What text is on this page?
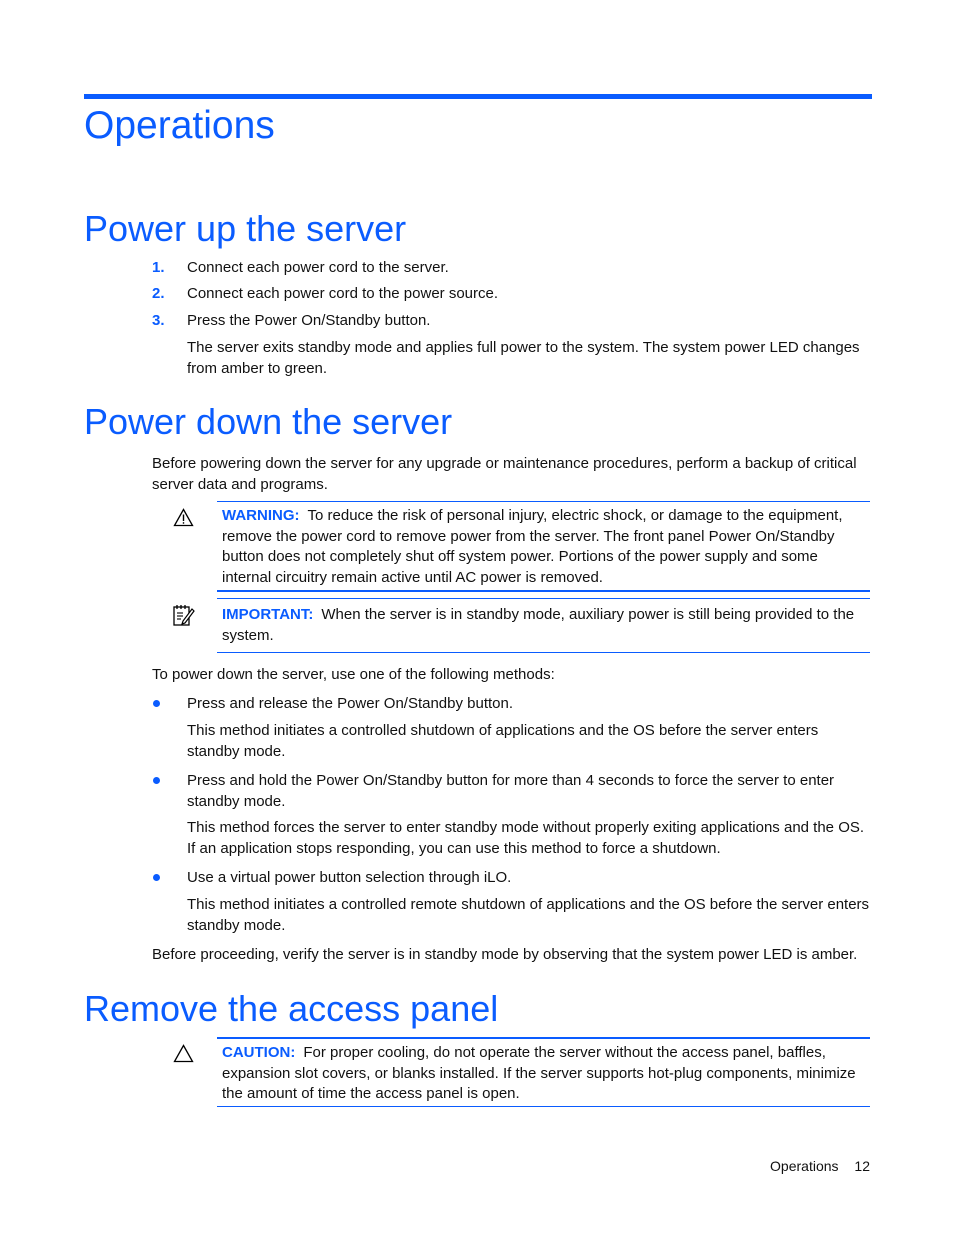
Operations
Power up the server
1. Connect each power cord to the server.
2. Connect each power cord to the power source.
3. Press the Power On/Standby button.
The server exits standby mode and applies full power to the system. The system power LED changes from amber to green.
Power down the server
Before powering down the server for any upgrade or maintenance procedures, perform a backup of critical server data and programs.
WARNING: To reduce the risk of personal injury, electric shock, or damage to the equipment, remove the power cord to remove power from the server. The front panel Power On/Standby button does not completely shut off system power. Portions of the power supply and some internal circuitry remain active until AC power is removed.
IMPORTANT: When the server is in standby mode, auxiliary power is still being provided to the system.
To power down the server, use one of the following methods:
Press and release the Power On/Standby button.
This method initiates a controlled shutdown of applications and the OS before the server enters standby mode.
Press and hold the Power On/Standby button for more than 4 seconds to force the server to enter standby mode.
This method forces the server to enter standby mode without properly exiting applications and the OS. If an application stops responding, you can use this method to force a shutdown.
Use a virtual power button selection through iLO.
This method initiates a controlled remote shutdown of applications and the OS before the server enters standby mode.
Before proceeding, verify the server is in standby mode by observing that the system power LED is amber.
Remove the access panel
CAUTION: For proper cooling, do not operate the server without the access panel, baffles, expansion slot covers, or blanks installed. If the server supports hot-plug components, minimize the amount of time the access panel is open.
Operations 12
